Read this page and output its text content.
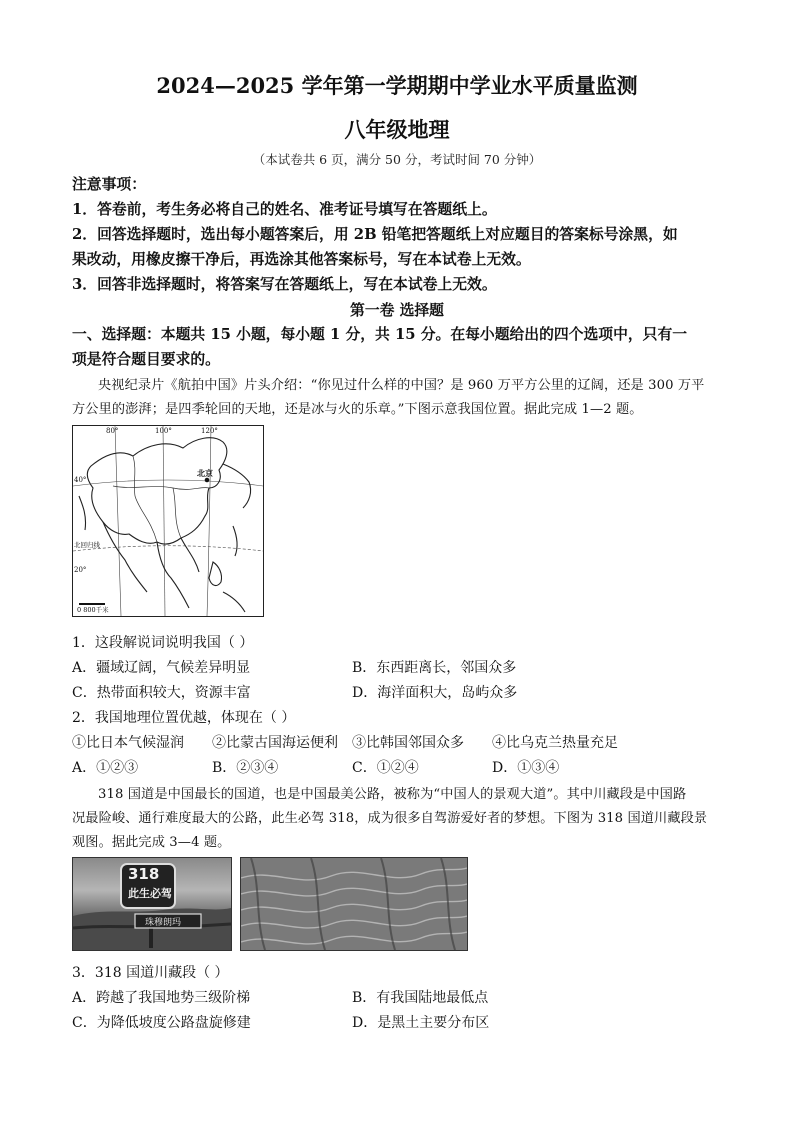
2024—2025 学年第一学期期中学业水平质量监测
八年级地理
（本试卷共 6 页，满分 50 分，考试时间 70 分钟）
注意事项：
1．答卷前，考生务必将自己的姓名、准考证号填写在答题纸上。
2．回答选择题时，选出每小题答案后，用 2B 铅笔把答题纸上对应题目的答案标号涂黑，如
果改动，用橡皮擦干净后，再选涂其他答案标号，写在本试卷上无效。
3．回答非选择题时，将答案写在答题纸上，写在本试卷上无效。
第一卷 选择题
一、选择题：本题共 15 小题，每小题 1 分，共 15 分。在每小题给出的四个选项中，只有一
项是符合题目要求的。
央视纪录片《航拍中国》片头介绍：“你见过什么样的中国？是 960 万平方公里的辽阔，还是 300 万平
方公里的澎湃；是四季轮回的天地，还是冰与火的乐章。”下图示意我国位置。据此完成 1—2 题。
80°	100°	120°
40°
北回归线
20°
北京
0 800千米
1．这段解说词说明我国（ ）
A．疆域辽阔，气候差异明显	B．东西距离长，邻国众多
C．热带面积较大，资源丰富	D．海洋面积大，岛屿众多
2．我国地理位置优越，体现在（ ）
①比日本气候湿润 ②比蒙古国海运便利 ③比韩国邻国众多 ④比乌克兰热量充足
A．①②③	B．②③④	C．①②④	D．①③④
318 国道是中国最长的国道，也是中国最美公路，被称为“中国人的景观大道”。其中川藏段是中国路
况最险峻、通行难度最大的公路，此生必驾 318，成为很多自驾游爱好者的梦想。下图为 318 国道川藏段景
观图。据此完成 3—4 题。
318
此生必驾
珠穆朗玛
3．318 国道川藏段（ ）
A．跨越了我国地势三级阶梯	B．有我国陆地最低点
C．为降低坡度公路盘旋修建	D．是黑土主要分布区
